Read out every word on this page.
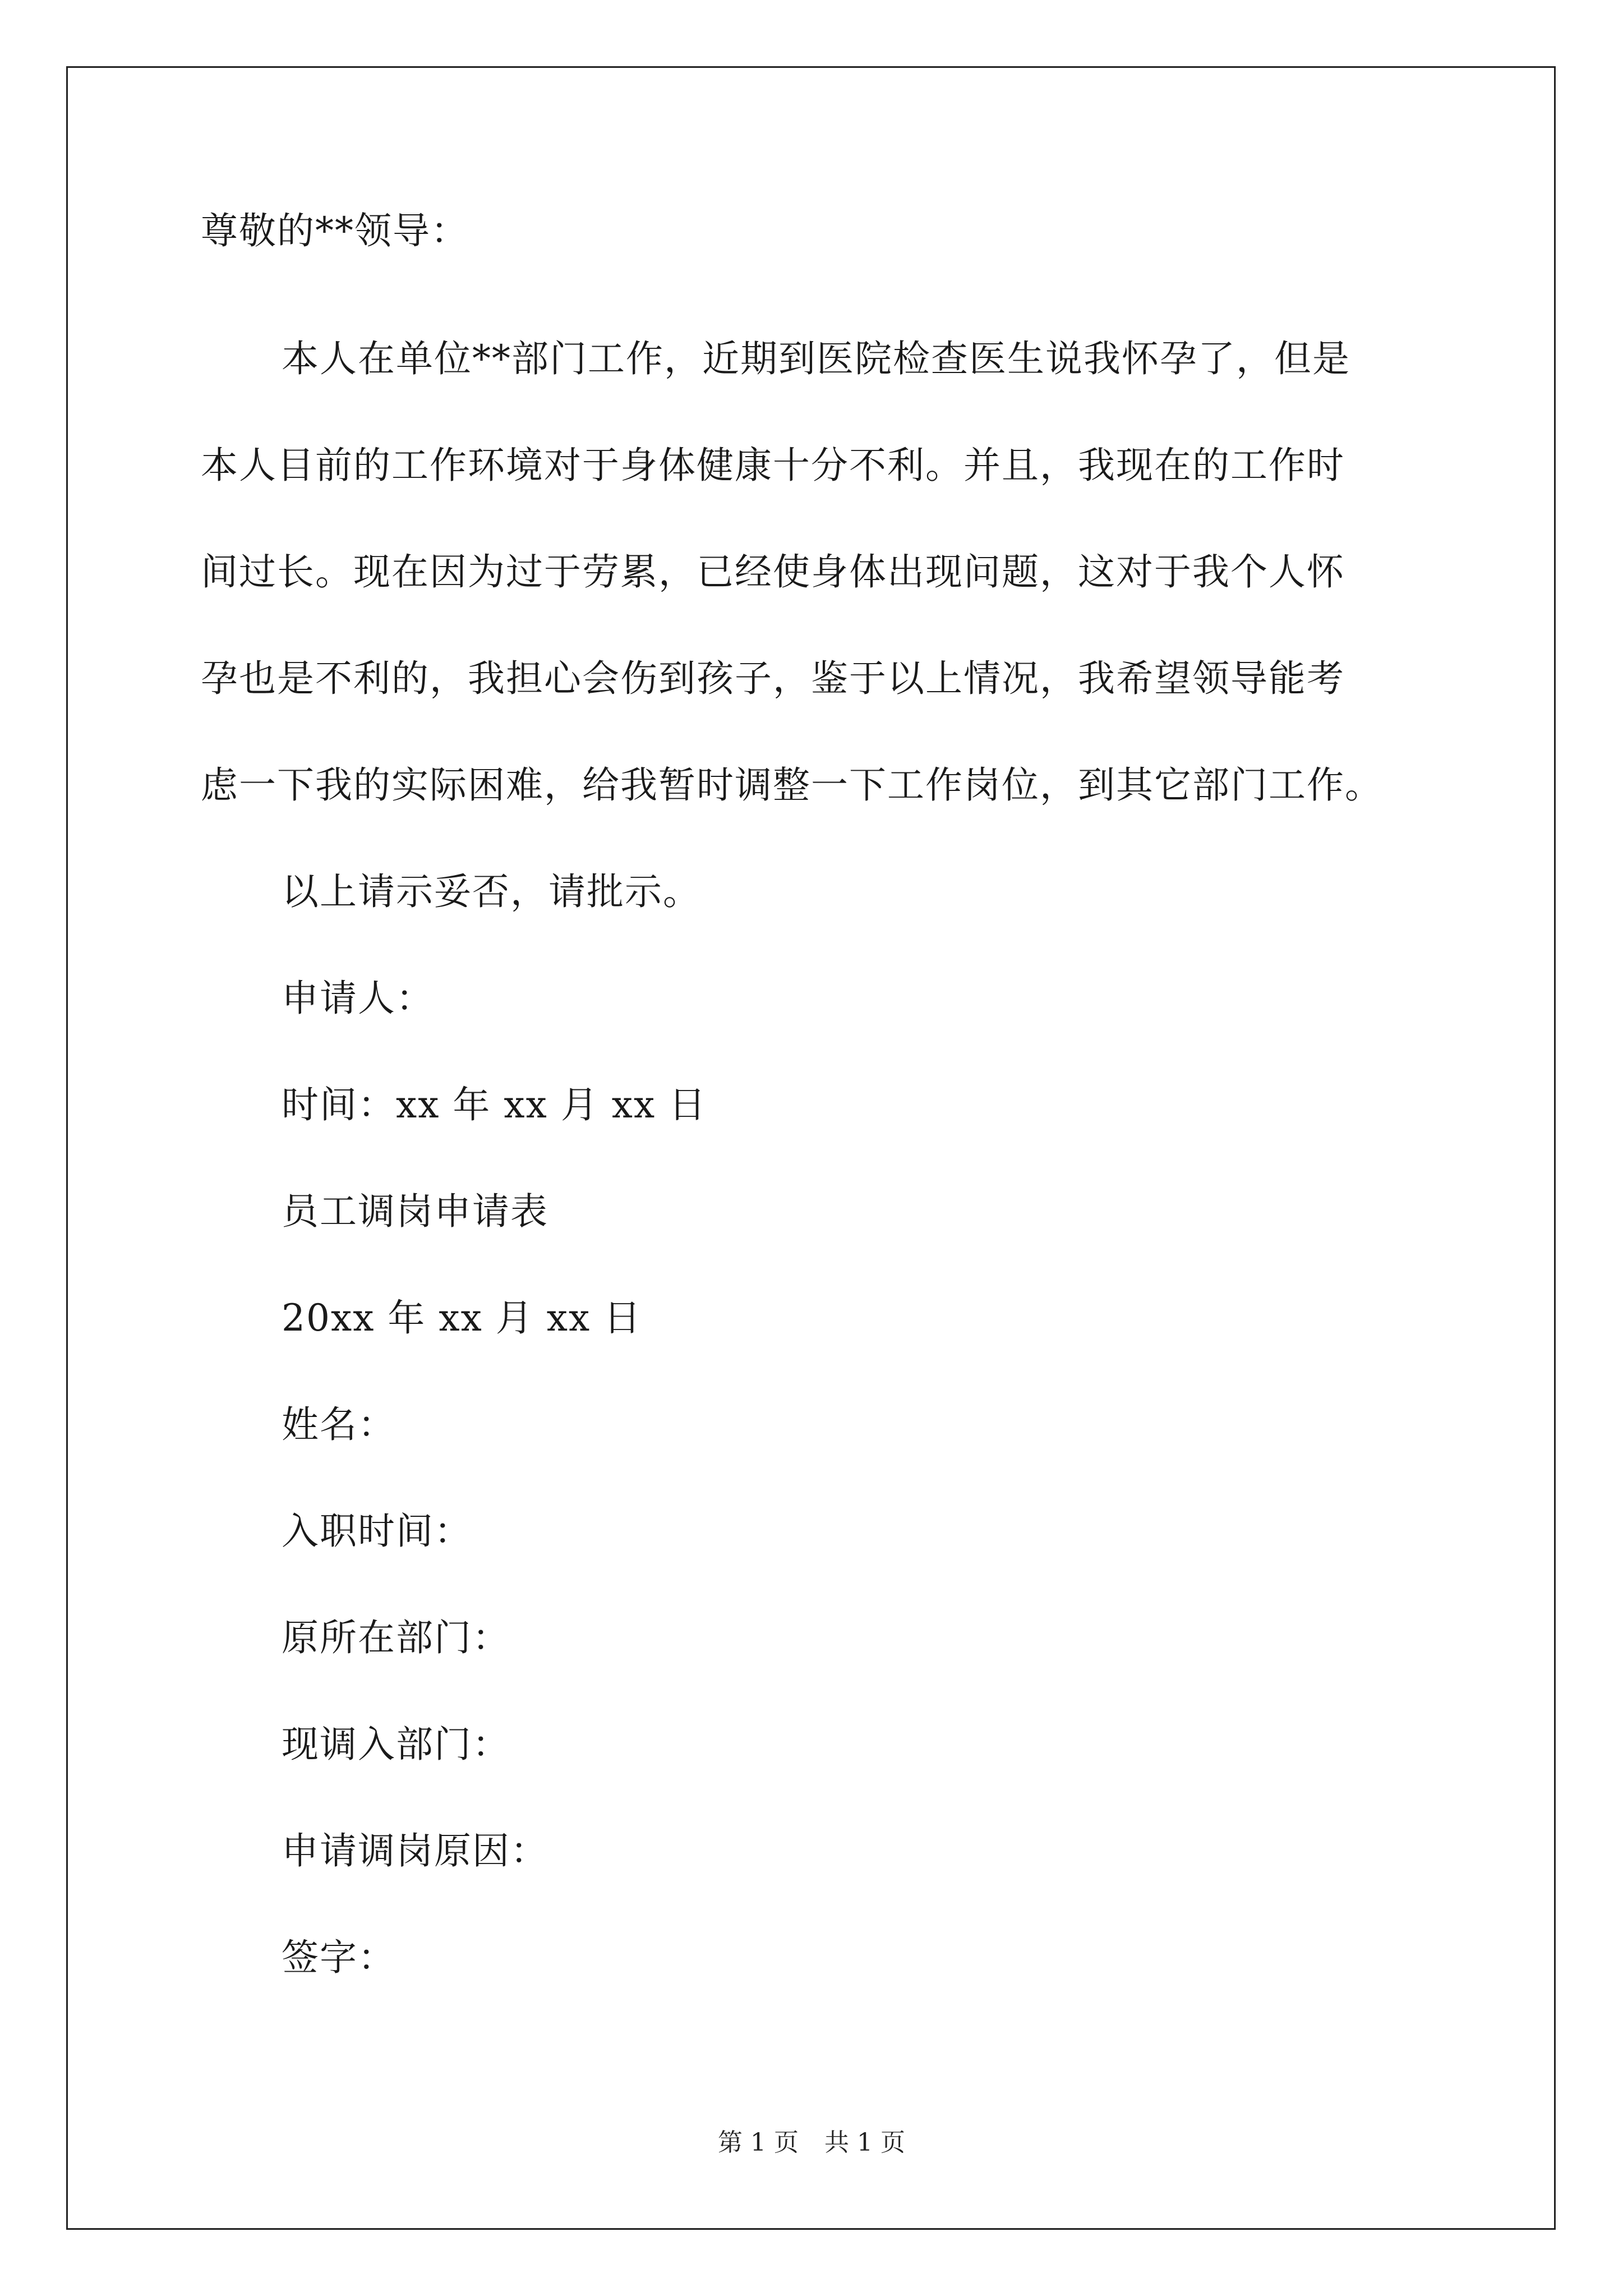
尊敬的**领导：
本人在单位**部门工作，近期到医院检查医生说我怀孕了，但是
本人目前的工作环境对于身体健康十分不利。并且，我现在的工作时
间过长。现在因为过于劳累，已经使身体出现问题，这对于我个人怀
孕也是不利的，我担心会伤到孩子，鉴于以上情况，我希望领导能考
虑一下我的实际困难，给我暂时调整一下工作岗位，到其它部门工作。
以上请示妥否，请批示。
申请人：
时间：xx 年 xx 月 xx 日
员工调岗申请表
20xx 年 xx 月 xx 日
姓名：
入职时间：
原所在部门：
现调入部门：
申请调岗原因：
签字：
第 1 页 共 1 页
